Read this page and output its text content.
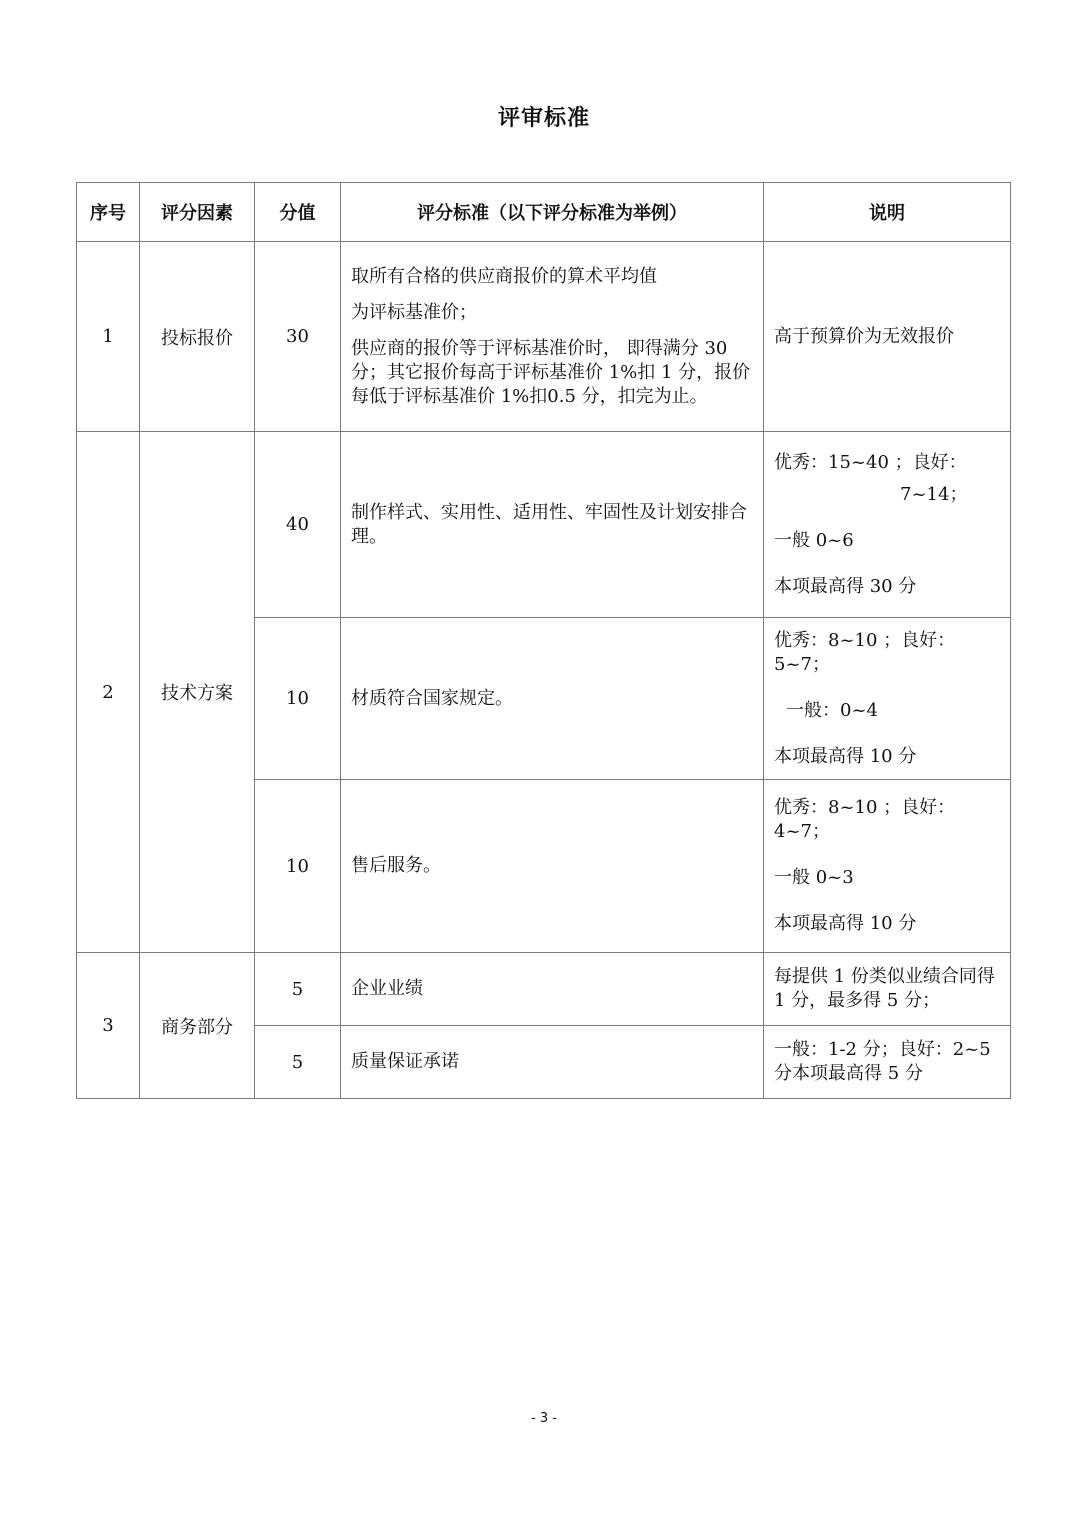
评审标准
序号	评分因素	分值	评分标准（以下评分标准为举例）	说明
1	投标报价	30	取所有合格的供应商报价的算术平均值
为评标基准价；
供应商的报价等于评标基准价时， 即得满分 30 分；其它报价每高于评标基准价 1%扣 1 分，报价每低于评标基准价 1%扣0.5 分，扣完为止。	高于预算价为无效报价

2	技术方案	40	制作样式、实用性、适用性、牢固性及计划安排合理。	优秀：15~40 ；良好：
7~14；
一般 0~6
本项最高得 30 分

		10	材质符合国家规定。	优秀：8~10 ；良好：5~7；
一般：0~4
本项最高得 10 分

		10	售后服务。	优秀：8~10 ；良好：4~7；
一般 0~3
本项最高得 10 分

3	商务部分	5	企业业绩	每提供 1 份类似业绩合同得 1 分，最多得 5 分；

		5	质量保证承诺	一般：1-2 分；良好：2~5 分本项最高得 5 分
- 3 -
